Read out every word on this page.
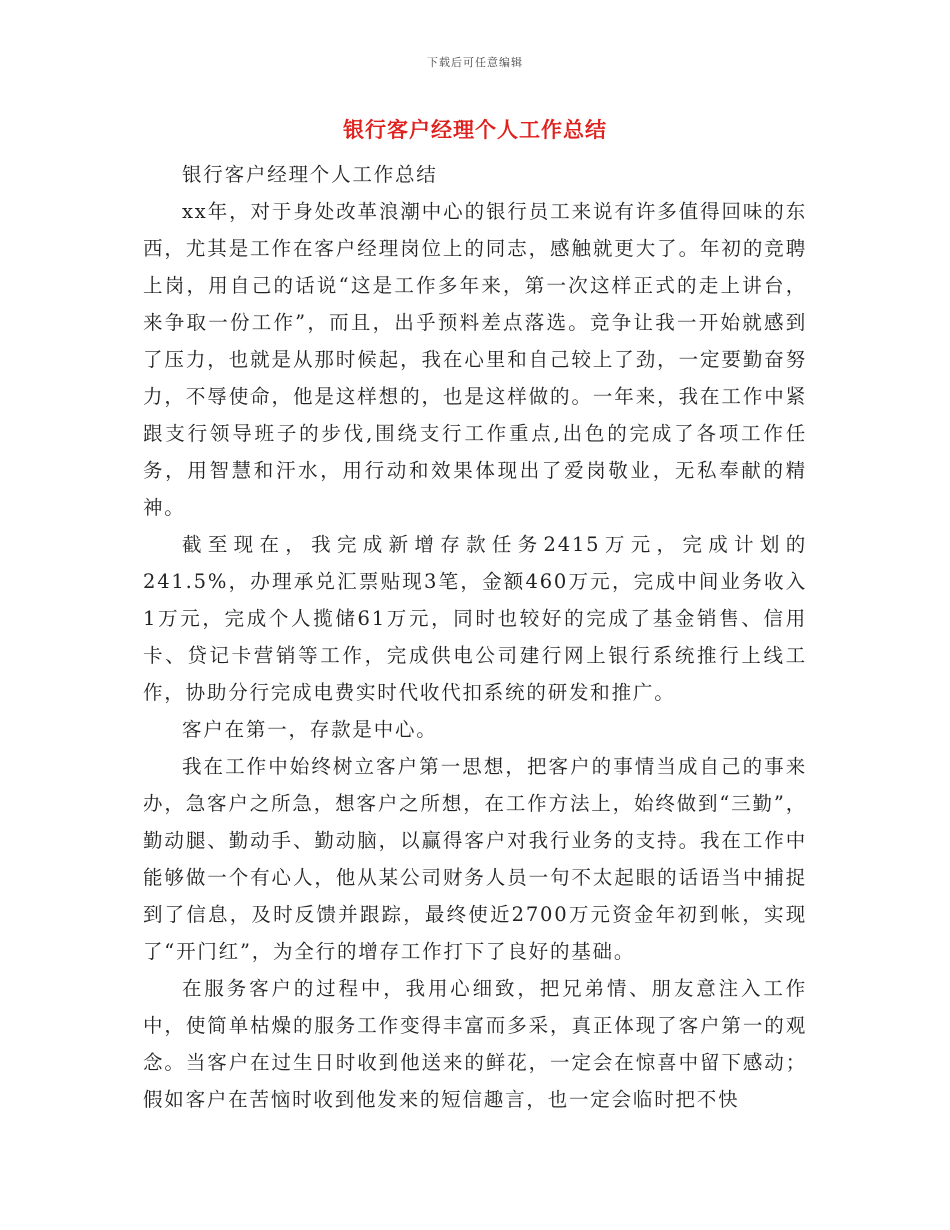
下载后可任意编辑
银行客户经理个人工作总结

银行客户经理个人工作总结

xx年，对于身处改革浪潮中心的银行员工来说有许多值得回味的东西，尤其是工作在客户经理岗位上的同志，感触就更大了。年初的竞聘上岗，用自己的话说“这是工作多年来，第一次这样正式的走上讲台，来争取一份工作”，而且，出乎预料差点落选。竞争让我一开始就感到了压力，也就是从那时候起，我在心里和自己较上了劲，一定要勤奋努力，不辱使命，他是这样想的，也是这样做的。一年来，我在工作中紧跟支行领导班子的步伐,围绕支行工作重点,出色的完成了各项工作任务，用智慧和汗水，用行动和效果体现出了爱岗敬业，无私奉献的精神。

截至现在，我完成新增存款任务2415万元，完成计划的241.5%，办理承兑汇票贴现3笔，金额460万元，完成中间业务收入1万元，完成个人揽储61万元，同时也较好的完成了基金销售、信用卡、贷记卡营销等工作，完成供电公司建行网上银行系统推行上线工作，协助分行完成电费实时代收代扣系统的研发和推广。

客户在第一，存款是中心。

我在工作中始终树立客户第一思想，把客户的事情当成自己的事来办，急客户之所急，想客户之所想，在工作方法上，始终做到“三勤”，勤动腿、勤动手、勤动脑，以赢得客户对我行业务的支持。我在工作中能够做一个有心人，他从某公司财务人员一句不太起眼的话语当中捕捉到了信息，及时反馈并跟踪，最终使近2700万元资金年初到帐，实现了“开门红”，为全行的增存工作打下了良好的基础。

在服务客户的过程中，我用心细致，把兄弟情、朋友意注入工作中，使简单枯燥的服务工作变得丰富而多采，真正体现了客户第一的观念。当客户在过生日时收到他送来的鲜花，一定会在惊喜中留下感动；假如客户在苦恼时收到他发来的短信趣言，也一定会临时把不快
